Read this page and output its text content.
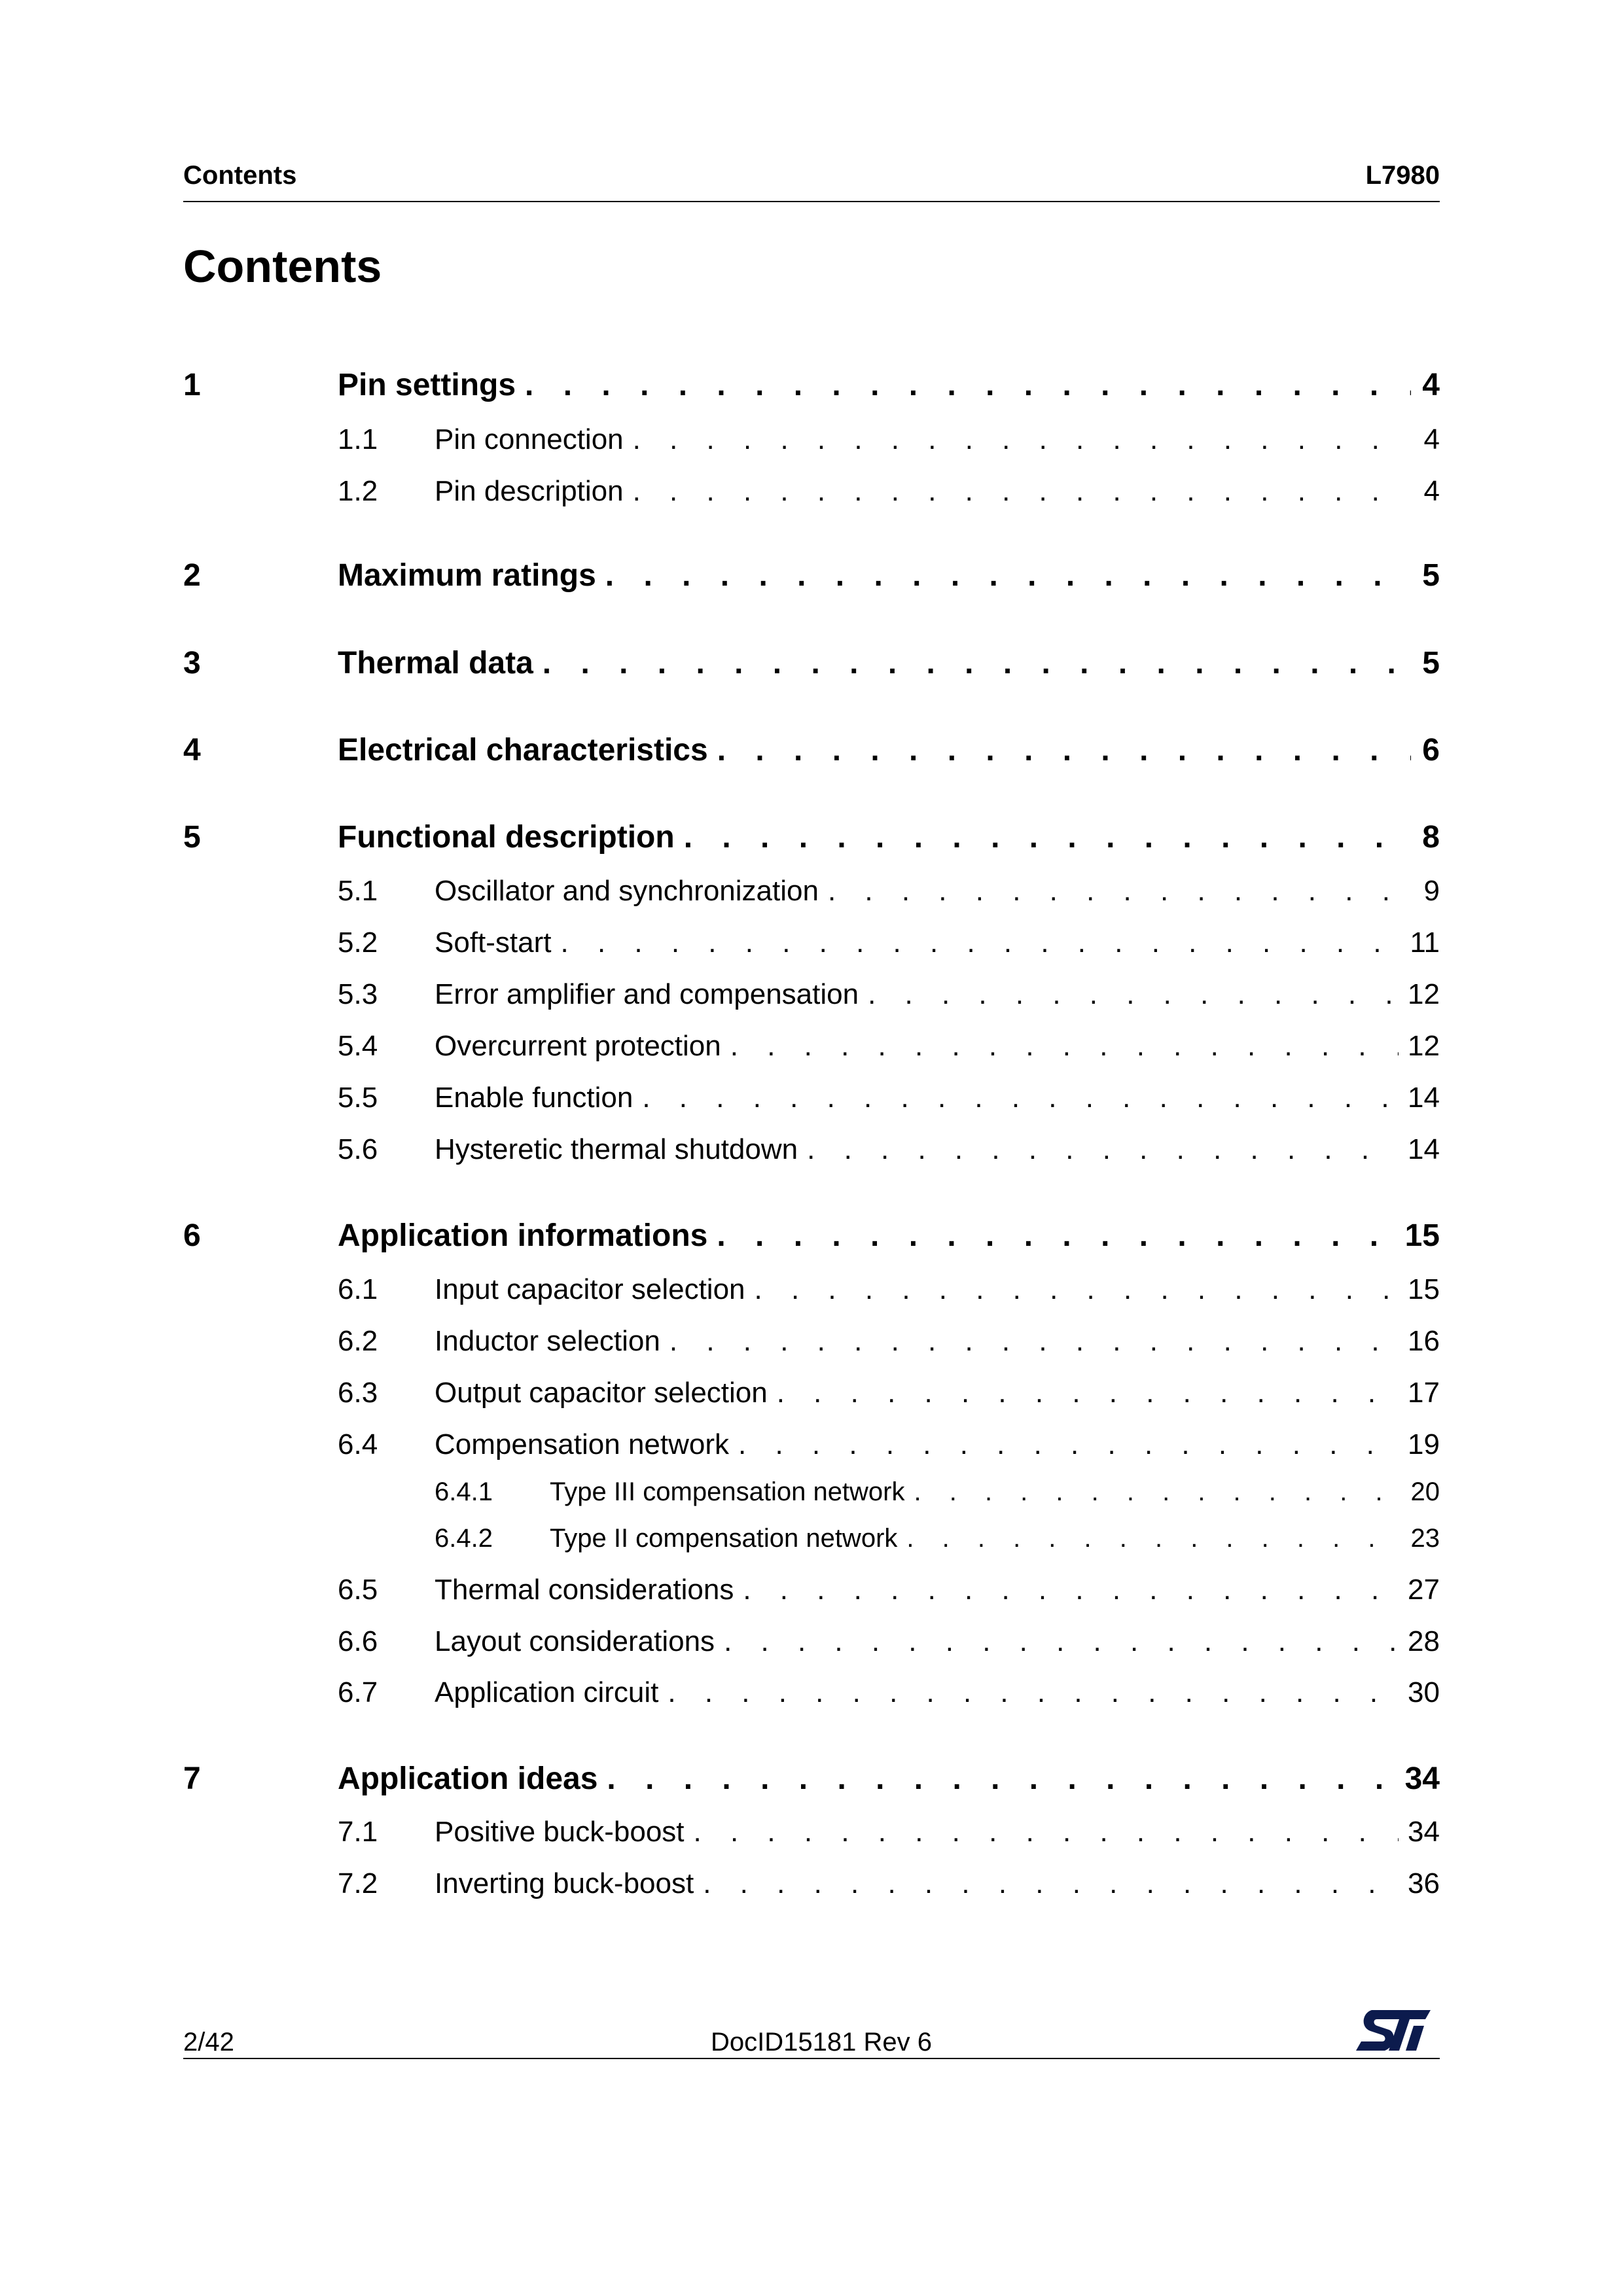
Contents	L7980
Contents
1	Pin settings . . .	4
1.1 Pin connection . . .	4
1.2 Pin description . . .	4
2	Maximum ratings . . .	5
3	Thermal data . . .	5
4	Electrical characteristics . . .	6
5	Functional description . . .	8
5.1 Oscillator and synchronization . . .	9
5.2 Soft-start . . .	11
5.3 Error amplifier and compensation . . .	12
5.4 Overcurrent protection . . .	12
5.5 Enable function . . .	14
5.6 Hysteretic thermal shutdown . . .	14
6	Application informations . . .	15
6.1 Input capacitor selection . . .	15
6.2 Inductor selection . . .	16
6.3 Output capacitor selection . . .	17
6.4 Compensation network . . .	19
6.4.1 Type III compensation network . . .	20
6.4.2 Type II compensation network . . .	23
6.5 Thermal considerations . . .	27
6.6 Layout considerations . . .	28
6.7 Application circuit . . .	30
7	Application ideas . . .	34
7.1 Positive buck-boost . . .	34
7.2 Inverting buck-boost . . .	36
2/42	DocID15181 Rev 6
